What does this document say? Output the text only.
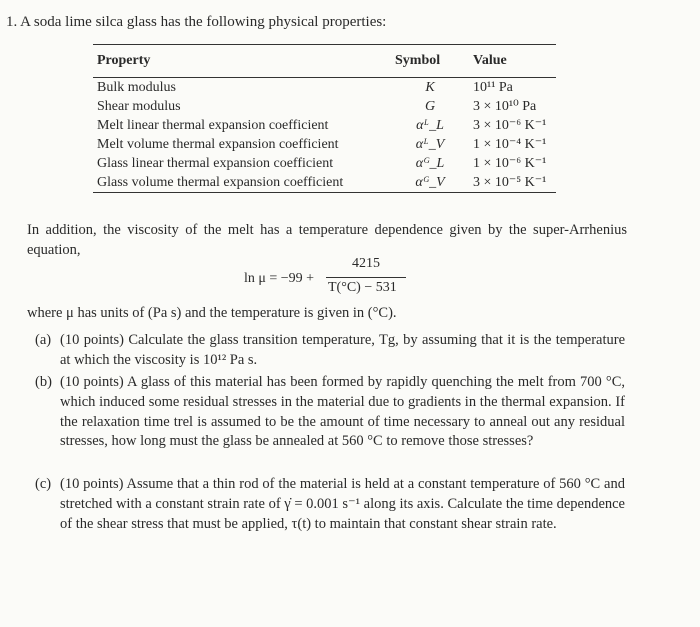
1. A soda lime silca glass has the following physical properties:
Property	Symbol	Value
Bulk modulus	K	10¹¹ Pa
Shear modulus	G	3 × 10¹⁰ Pa
Melt linear thermal expansion coefficient	αᴸ_L	3 × 10⁻⁶ K⁻¹
Melt volume thermal expansion coefficient	αᴸ_V	1 × 10⁻⁴ K⁻¹
Glass linear thermal expansion coefficient	αᴳ_L	1 × 10⁻⁶ K⁻¹
Glass volume thermal expansion coefficient	αᴳ_V	3 × 10⁻⁵ K⁻¹
In addition, the viscosity of the melt has a temperature dependence given by the super-Arrhenius equation,
ln μ = −99 +
4215
T(°C) − 531
where μ has units of (Pa s) and the temperature is given in (°C).
(a) (10 points) Calculate the glass transition temperature, Tg, by assuming that it is the temperature at which the viscosity is 10¹² Pa s.
(b) (10 points) A glass of this material has been formed by rapidly quenching the melt from 700 °C, which induced some residual stresses in the material due to gradients in the thermal expansion. If the relaxation time trel is assumed to be the amount of time necessary to anneal out any residual stresses, how long must the glass be annealed at 560 °C to remove those stresses?
(c) (10 points) Assume that a thin rod of the material is held at a constant temperature of 560 °C and stretched with a constant strain rate of γ̇ = 0.001 s⁻¹ along its axis. Calculate the time dependence of the shear stress that must be applied, τ(t) to maintain that constant shear strain rate.
